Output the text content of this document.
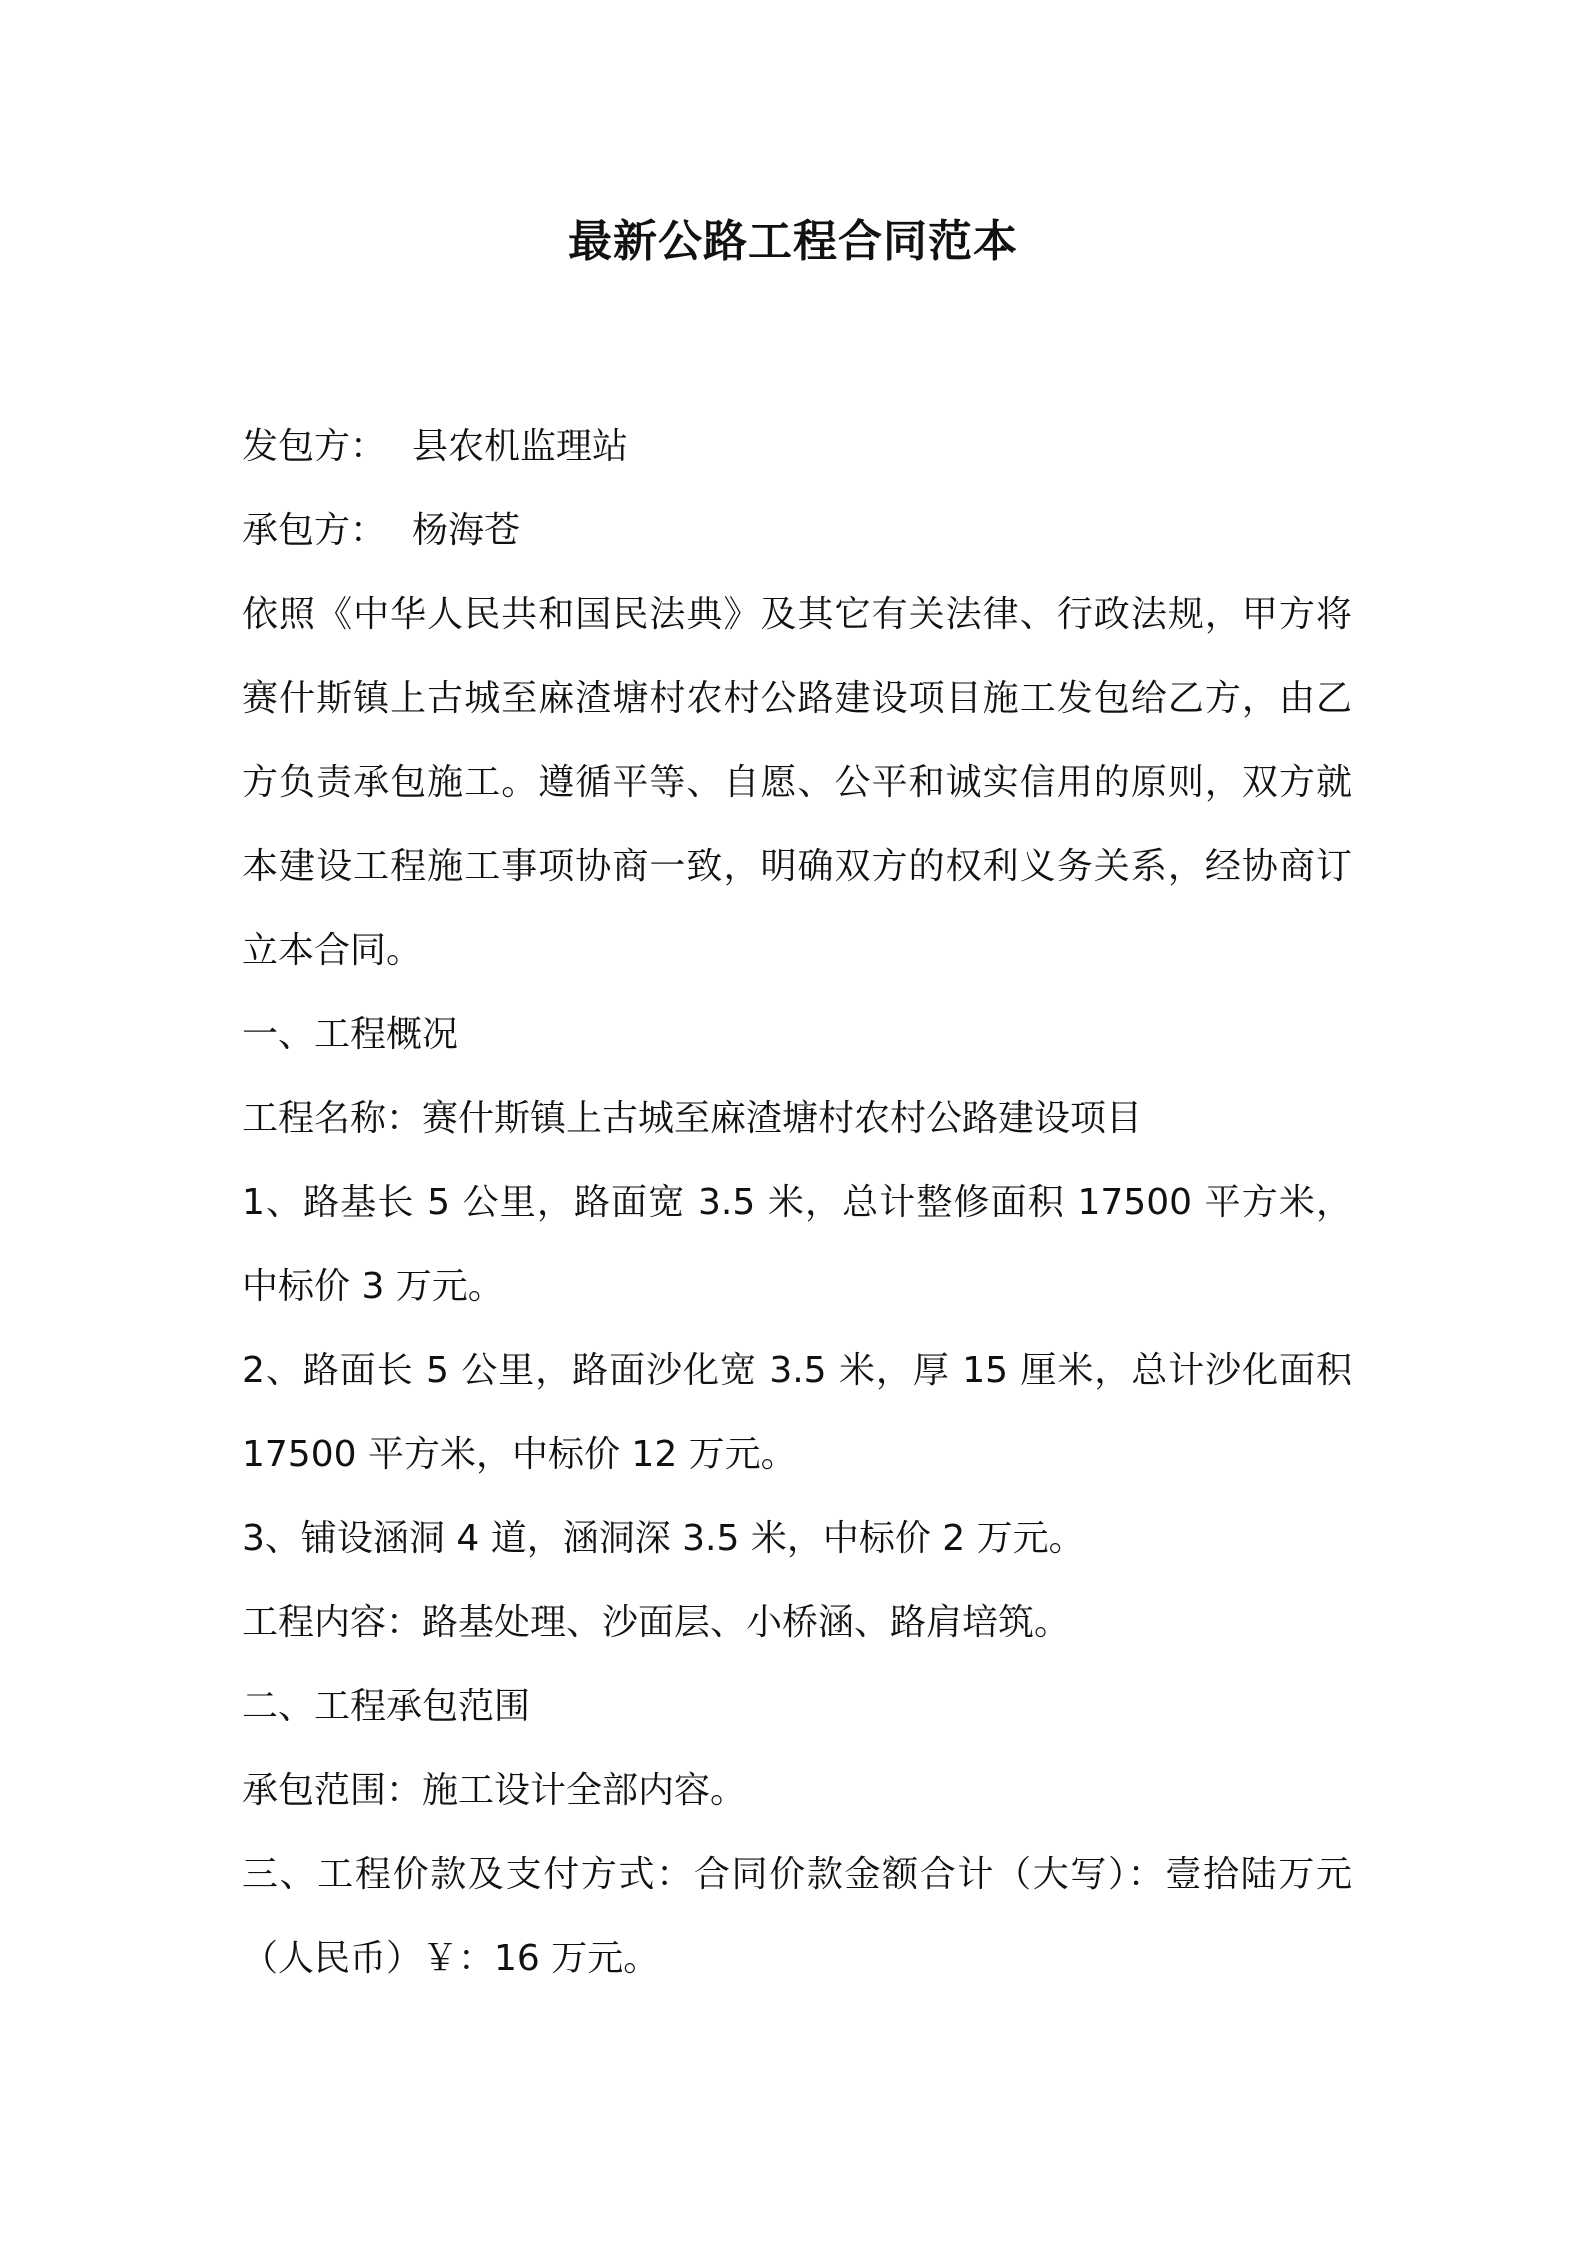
最新公路工程合同范本

发包方： 县农机监理站

承包方： 杨海苍

依照《中华人民共和国民法典》及其它有关法律、行政法规，甲方将赛什斯镇上古城至麻渣塘村农村公路建设项目施工发包给乙方，由乙方负责承包施工。遵循平等、自愿、公平和诚实信用的原则，双方就本建设工程施工事项协商一致，明确双方的权利义务关系，经协商订立本合同。

一、工程概况

工程名称：赛什斯镇上古城至麻渣塘村农村公路建设项目

1、路基长 5 公里，路面宽 3.5 米，总计整修面积 17500 平方米，中标价 3 万元。

2、路面长 5 公里，路面沙化宽 3.5 米，厚 15 厘米，总计沙化面积 17500 平方米，中标价 12 万元。

3、铺设涵洞 4 道，涵洞深 3.5 米，中标价 2 万元。

工程内容：路基处理、沙面层、小桥涵、路肩培筑。

二、工程承包范围

承包范围：施工设计全部内容。

三、工程价款及支付方式：合同价款金额合计（大写）：壹拾陆万元（人民币）￥：16 万元。
